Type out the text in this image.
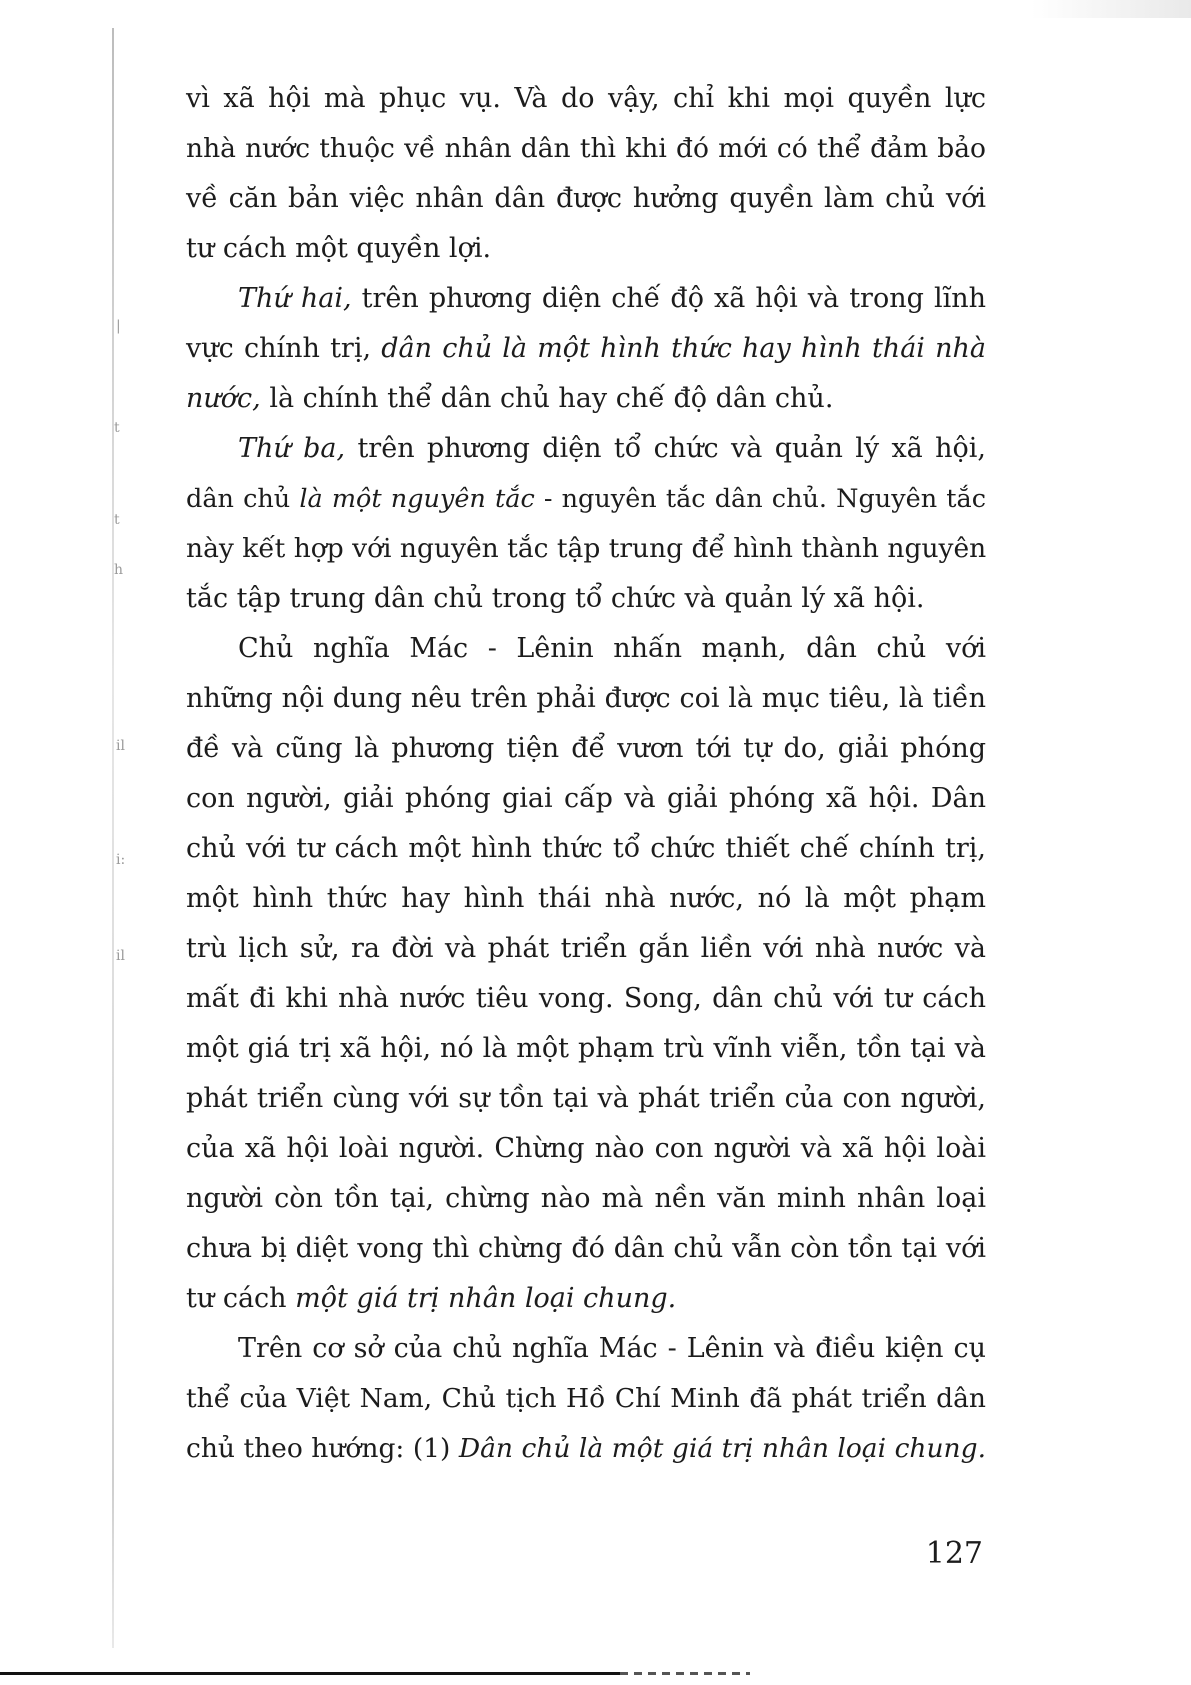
|
t
t
h
il
i:
il
vì xã hội mà phục vụ. Và do vậy, chỉ khi mọi quyền lực
nhà nước thuộc về nhân dân thì khi đó mới có thể đảm bảo
về căn bản việc nhân dân được hưởng quyền làm chủ với
tư cách một quyền lợi.
Thứ hai, trên phương diện chế độ xã hội và trong lĩnh
vực chính trị, dân chủ là một hình thức hay hình thái nhà
nước, là chính thể dân chủ hay chế độ dân chủ.
Thứ ba, trên phương diện tổ chức và quản lý xã hội,
dân chủ là một nguyên tắc - nguyên tắc dân chủ. Nguyên tắc
này kết hợp với nguyên tắc tập trung để hình thành nguyên
tắc tập trung dân chủ trong tổ chức và quản lý xã hội.
Chủ nghĩa Mác - Lênin nhấn mạnh, dân chủ với
những nội dung nêu trên phải được coi là mục tiêu, là tiền
đề và cũng là phương tiện để vươn tới tự do, giải phóng
con người, giải phóng giai cấp và giải phóng xã hội. Dân
chủ với tư cách một hình thức tổ chức thiết chế chính trị,
một hình thức hay hình thái nhà nước, nó là một phạm
trù lịch sử, ra đời và phát triển gắn liền với nhà nước và
mất đi khi nhà nước tiêu vong. Song, dân chủ với tư cách
một giá trị xã hội, nó là một phạm trù vĩnh viễn, tồn tại và
phát triển cùng với sự tồn tại và phát triển của con người,
của xã hội loài người. Chừng nào con người và xã hội loài
người còn tồn tại, chừng nào mà nền văn minh nhân loại
chưa bị diệt vong thì chừng đó dân chủ vẫn còn tồn tại với
tư cách một giá trị nhân loại chung.
Trên cơ sở của chủ nghĩa Mác - Lênin và điều kiện cụ
thể của Việt Nam, Chủ tịch Hồ Chí Minh đã phát triển dân
chủ theo hướng: (1) Dân chủ là một giá trị nhân loại chung.
127
